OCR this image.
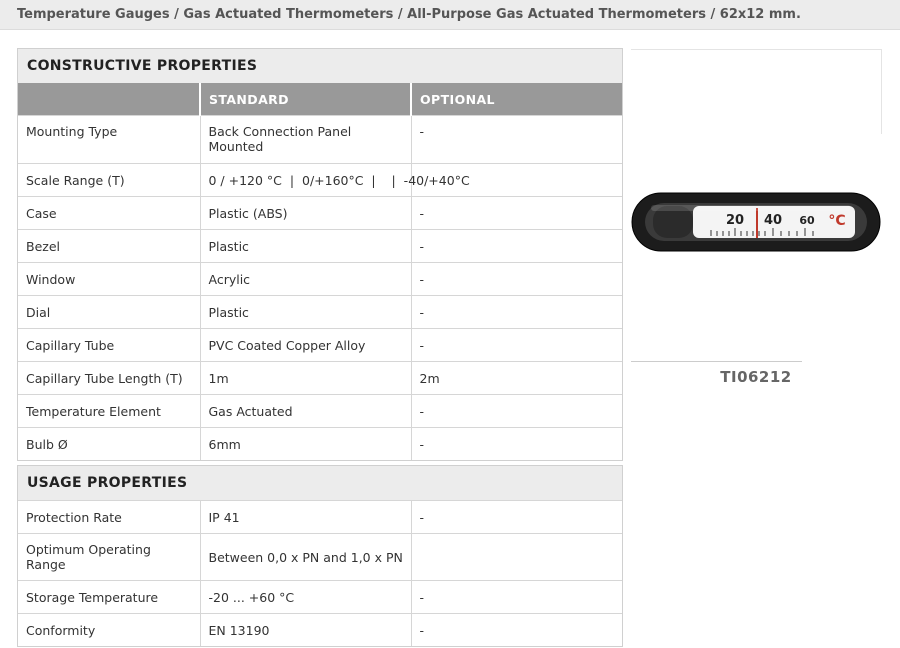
Temperature Gauges / Gas Actuated Thermometers / All-Purpose Gas Actuated Thermometers / 62x12 mm.
CONSTRUCTIVE PROPERTIES
	STANDARD	OPTIONAL
Mounting Type	Back Connection Panel Mounted	-
Scale Range (T)	0 / +120 °C  |  0/+160°C  |    |  -40/+40°C	
Case	Plastic (ABS)	-
Bezel	Plastic	-
Window	Acrylic	-
Dial	Plastic	-
Capillary Tube	PVC Coated Copper Alloy	-
Capillary Tube Length (T)	1m	2m
Temperature Element	Gas Actuated	-
Bulb Ø	6mm	-
USAGE PROPERTIES
Protection Rate	IP 41	-
Optimum Operating Range	Between 0,0 x PN and 1,0 x PN	
Storage Temperature	-20 ... +60 °C	-
Conformity	EN 13190	-
20 40 60 °C
TI06212
